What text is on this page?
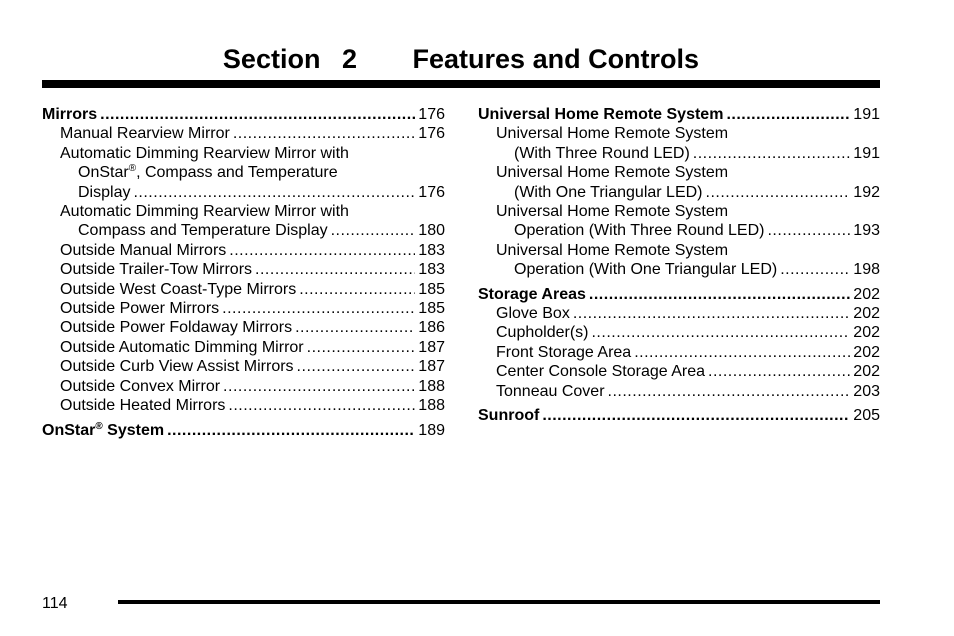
Section 2 Features and Controls
Mirrors .....	176
Manual Rearview Mirror .....	176
Automatic Dimming Rearview Mirror with
OnStar®, Compass and Temperature
Display .....	176
Automatic Dimming Rearview Mirror with
Compass and Temperature Display .....	180
Outside Manual Mirrors .....	183
Outside Trailer-Tow Mirrors .....	183
Outside West Coast-Type Mirrors .....	185
Outside Power Mirrors .....	185
Outside Power Foldaway Mirrors .....	186
Outside Automatic Dimming Mirror .....	187
Outside Curb View Assist Mirrors .....	187
Outside Convex Mirror .....	188
Outside Heated Mirrors .....	188
OnStar® System .....	189
Universal Home Remote System .....	191
Universal Home Remote System
(With Three Round LED) .....	191
Universal Home Remote System
(With One Triangular LED) .....	192
Universal Home Remote System
Operation (With Three Round LED) .....	193
Universal Home Remote System
Operation (With One Triangular LED) .....	198
Storage Areas .....	202
Glove Box .....	202
Cupholder(s) .....	202
Front Storage Area .....	202
Center Console Storage Area .....	202
Tonneau Cover .....	203
Sunroof .....	205
114
